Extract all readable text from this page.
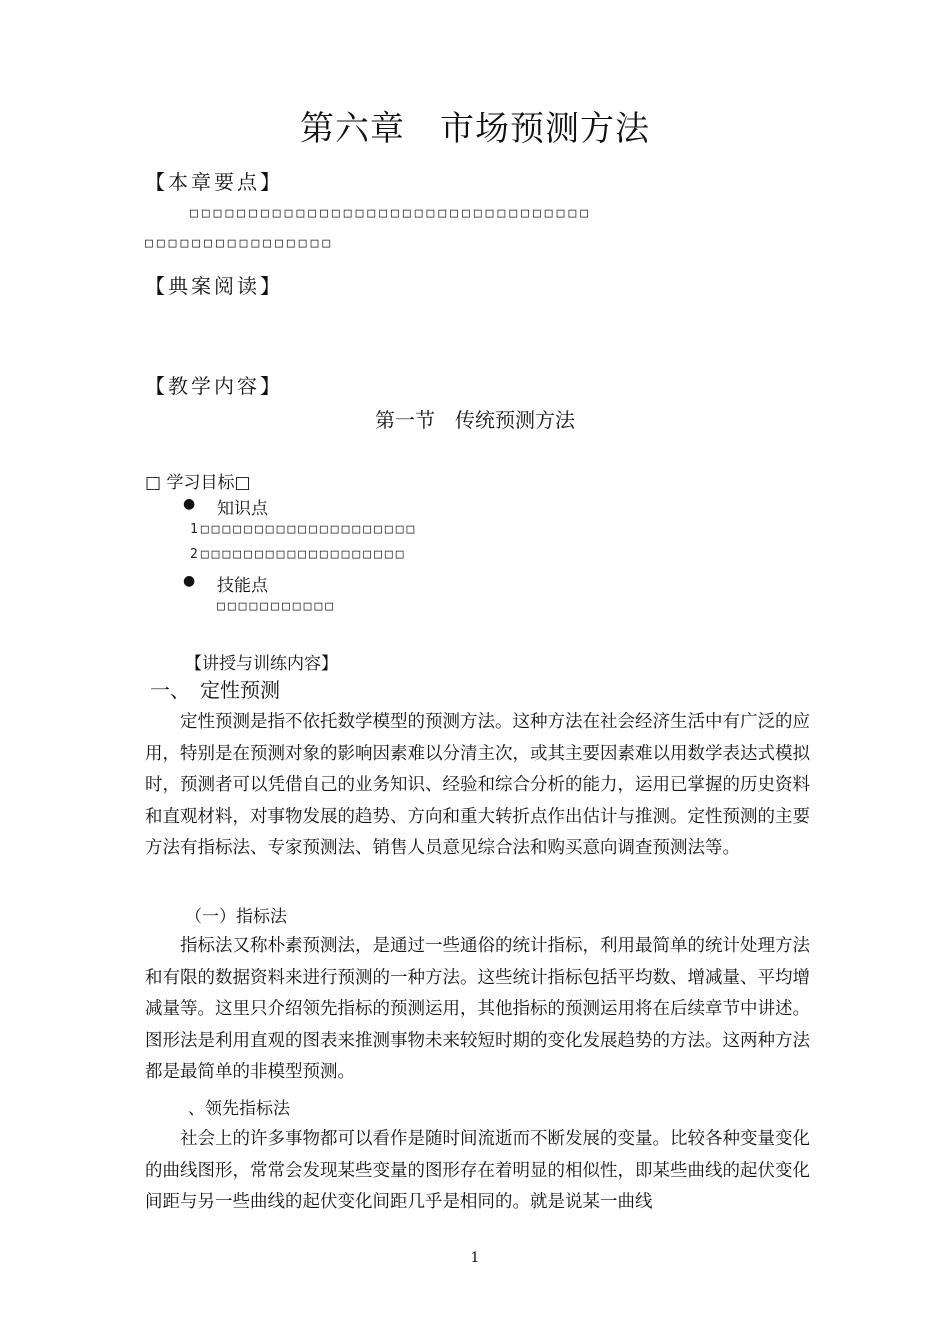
第六章　市场预测方法
【本章要点】
□□□□□□□□□□□□□□□□□□□□□□□□□□□□□□□□□□
□□□□□□□□□□□□□□□□
【典案阅读】
【教学内容】
第一节　传统预测方法
□ 学习目标□
● 知识点
1□□□□□□□□□□□□□□□□□□□□
2□□□□□□□□□□□□□□□□□□□
● 技能点
□□□□□□□□□□□
【讲授与训练内容】
一、　定性预测

定性预测是指不依托数学模型的预测方法。这种方法在社会经济生活中有广泛的应用，特别是在预测对象的影响因素难以分清主次，或其主要因素难以用数学表达式模拟时，预测者可以凭借自己的业务知识、经验和综合分析的能力，运用已掌握的历史资料和直观材料，对事物发展的趋势、方向和重大转折点作出估计与推测。定性预测的主要方法有指标法、专家预测法、销售人员意见综合法和购买意向调查预测法等。

（一）指标法

指标法又称朴素预测法，是通过一些通俗的统计指标，利用最简单的统计处理方法和有限的数据资料来进行预测的一种方法。这些统计指标包括平均数、增减量、平均增减量等。这里只介绍领先指标的预测运用，其他指标的预测运用将在后续章节中讲述。图形法是利用直观的图表来推测事物未来较短时期的变化发展趋势的方法。这两种方法都是最简单的非模型预测。

、领先指标法

社会上的许多事物都可以看作是随时间流逝而不断发展的变量。比较各种变量变化的曲线图形，常常会发现某些变量的图形存在着明显的相似性，即某些曲线的起伏变化间距与另一些曲线的起伏变化间距几乎是相同的。就是说某一曲线

1
